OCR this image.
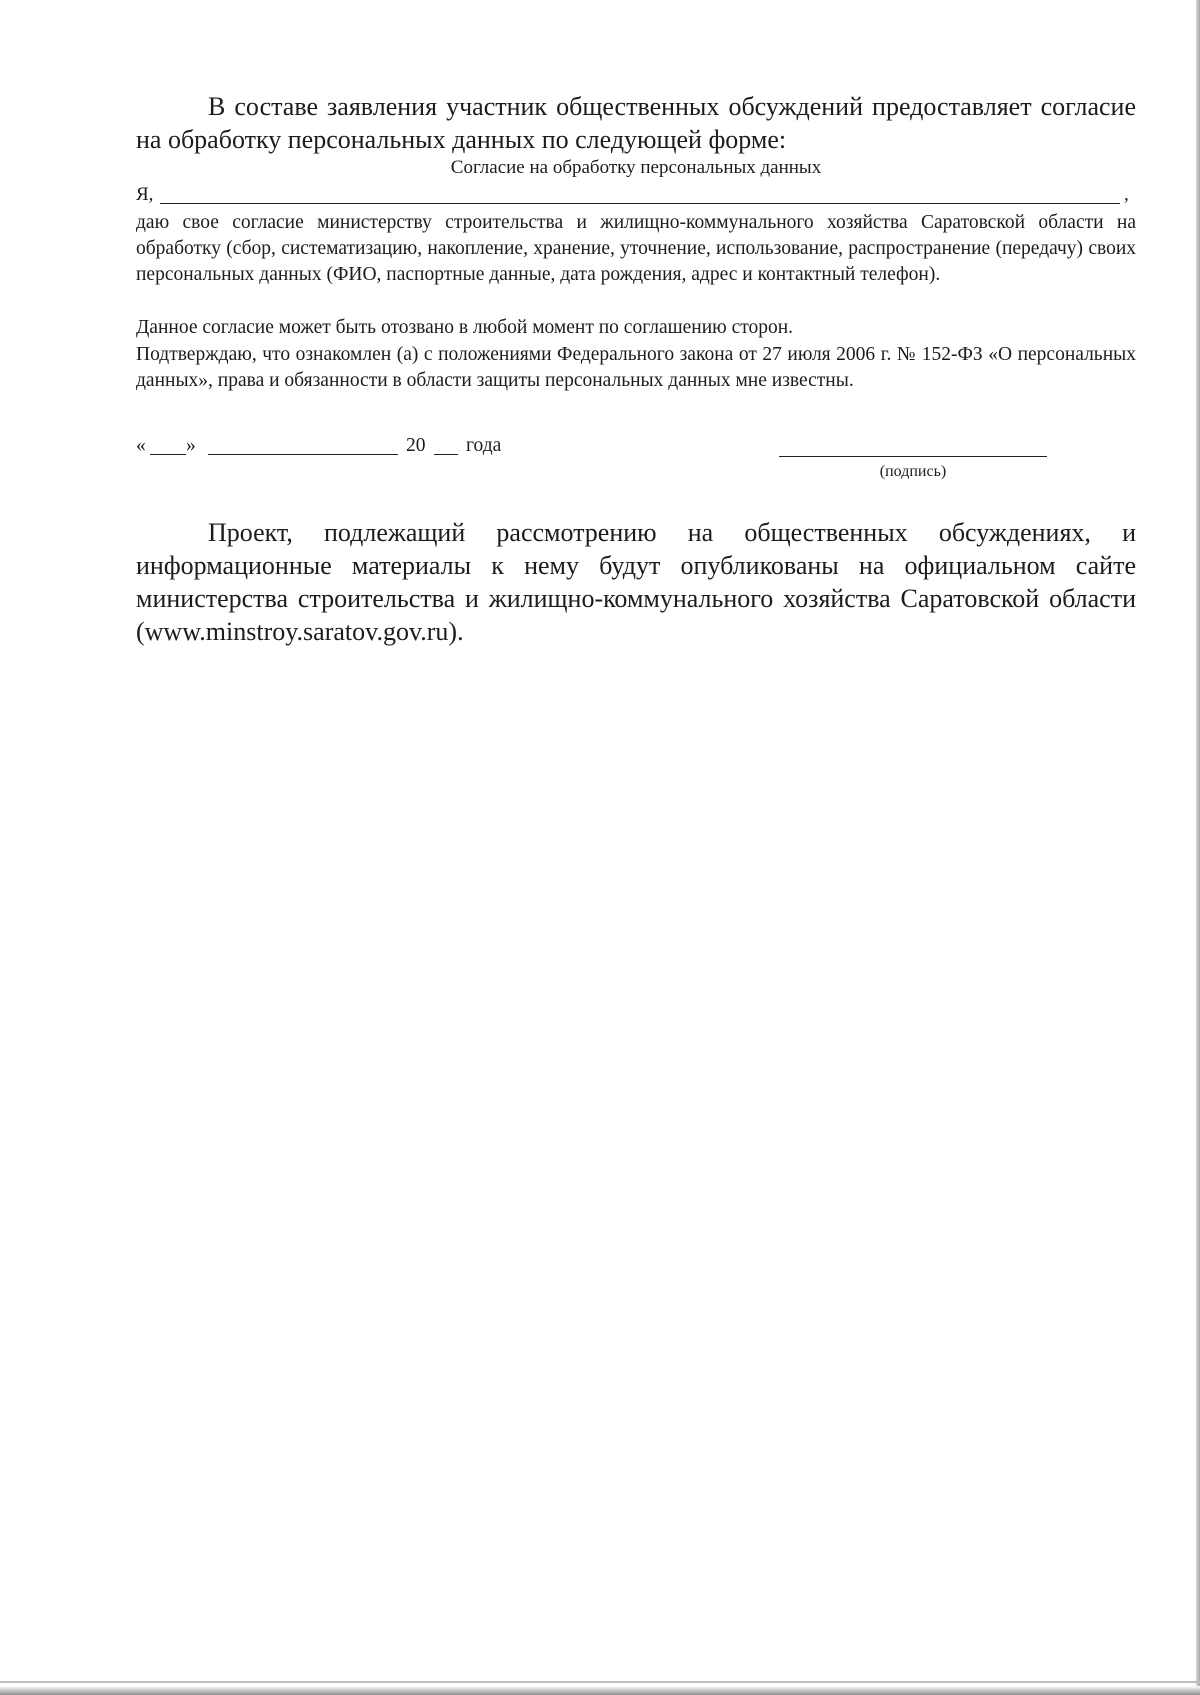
В составе заявления участник общественных обсуждений предоставляет согласие на обработку персональных данных по следующей форме:

Согласие на обработку персональных данных

Я,	,

даю свое согласие министерству строительства и жилищно-коммунального хозяйства Саратовской области на обработку (сбор, систематизацию, накопление, хранение, уточнение, использование, распространение (передачу) своих персональных данных (ФИО, паспортные данные, дата рождения, адрес и контактный телефон).

Данное согласие может быть отозвано в любой момент по соглашению сторон.

Подтверждаю, что ознакомлен (а) с положениями Федерального закона от 27 июля 2006 г. № 152-ФЗ «О персональных данных», права и обязанности в области защиты персональных данных мне известны.

« »	20 года
(подпись)

Проект, подлежащий рассмотрению на общественных обсуждениях, и информационные материалы к нему будут опубликованы на официальном сайте министерства строительства и жилищно-коммунального хозяйства Саратовской области (www.minstroy.saratov.gov.ru).
